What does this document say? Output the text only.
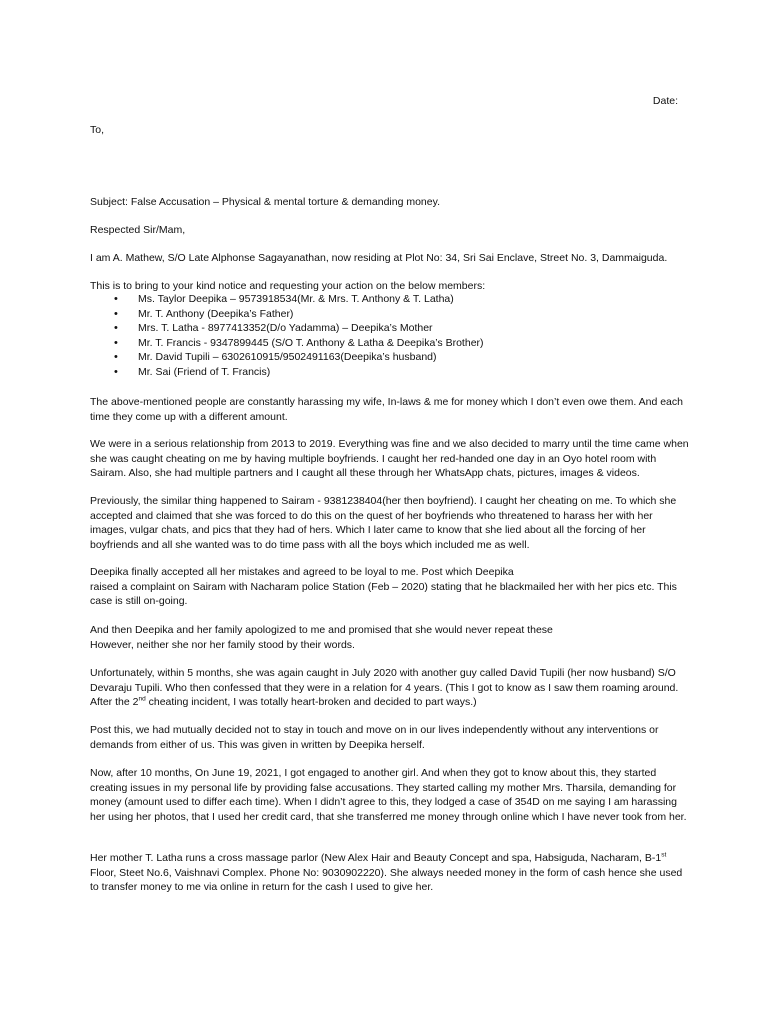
Date:
To,
Subject: False Accusation – Physical & mental torture & demanding money.
Respected Sir/Mam,
I am A. Mathew, S/O Late Alphonse Sagayanathan, now residing at Plot No: 34, Sri Sai Enclave, Street No. 3, Dammaiguda.
This is to bring to your kind notice and requesting your action on the below members:
• Ms. Taylor Deepika – 9573918534(Mr. & Mrs. T. Anthony & T. Latha)
• Mr. T. Anthony (Deepika’s Father)
• Mrs. T. Latha - 8977413352(D/o Yadamma) – Deepika’s Mother
• Mr. T. Francis - 9347899445 (S/O T. Anthony & Latha & Deepika’s Brother)
• Mr. David Tupili – 6302610915/9502491163(Deepika’s husband)
• Mr. Sai (Friend of T. Francis)
The above-mentioned people are constantly harassing my wife, In-laws & me for money which I don’t even owe them. And each time they come up with a different amount.
We were in a serious relationship from 2013 to 2019. Everything was fine and we also decided to marry until the time came when she was caught cheating on me by having multiple boyfriends. I caught her red-handed one day in an Oyo hotel room with Sairam. Also, she had multiple partners and I caught all these through her WhatsApp chats, pictures, images & videos.
Previously, the similar thing happened to Sairam - 9381238404(her then boyfriend). I caught her cheating on me. To which she accepted and claimed that she was forced to do this on the quest of her boyfriends who threatened to harass her with her images, vulgar chats, and pics that they had of hers. Which I later came to know that she lied about all the forcing of her boyfriends and all she wanted was to do time pass with all the boys which included me as well.

Deepika finally accepted all her mistakes and agreed to be loyal to me. Post which Deepika

raised a complaint on Sairam with Nacharam police Station (Feb – 2020) stating that he blackmailed her with her pics etc. This case is still on-going.

And then Deepika and her family apologized to me and promised that she would never repeat these

However, neither she nor her family stood by their words.

Unfortunately, within 5 months, she was again caught in July 2020 with another guy called David Tupili (her now husband) S/O Devaraju Tupili. Who then confessed that they were in a relation for 4 years. (This I got to know as I saw them roaming around. After the 2nd cheating incident, I was totally heart-broken and decided to part ways.)
Post this, we had mutually decided not to stay in touch and move on in our lives independently without any interventions or demands from either of us. This was given in written by Deepika herself.
Now, after 10 months, On June 19, 2021, I got engaged to another girl. And when they got to know about this, they started creating issues in my personal life by providing false accusations. They started calling my mother Mrs. Tharsila, demanding for money (amount used to differ each time). When I didn’t agree to this, they lodged a case of 354D on me saying I am harassing her using her photos, that I used her credit card, that she transferred me money through online which I have never took from her.
Her mother T. Latha runs a cross massage parlor (New Alex Hair and Beauty Concept and spa, Habsiguda, Nacharam, B-1st Floor, Steet No.6, Vaishnavi Complex. Phone No: 9030902220). She always needed money in the form of cash hence she used to transfer money to me via online in return for the cash I used to give her.
